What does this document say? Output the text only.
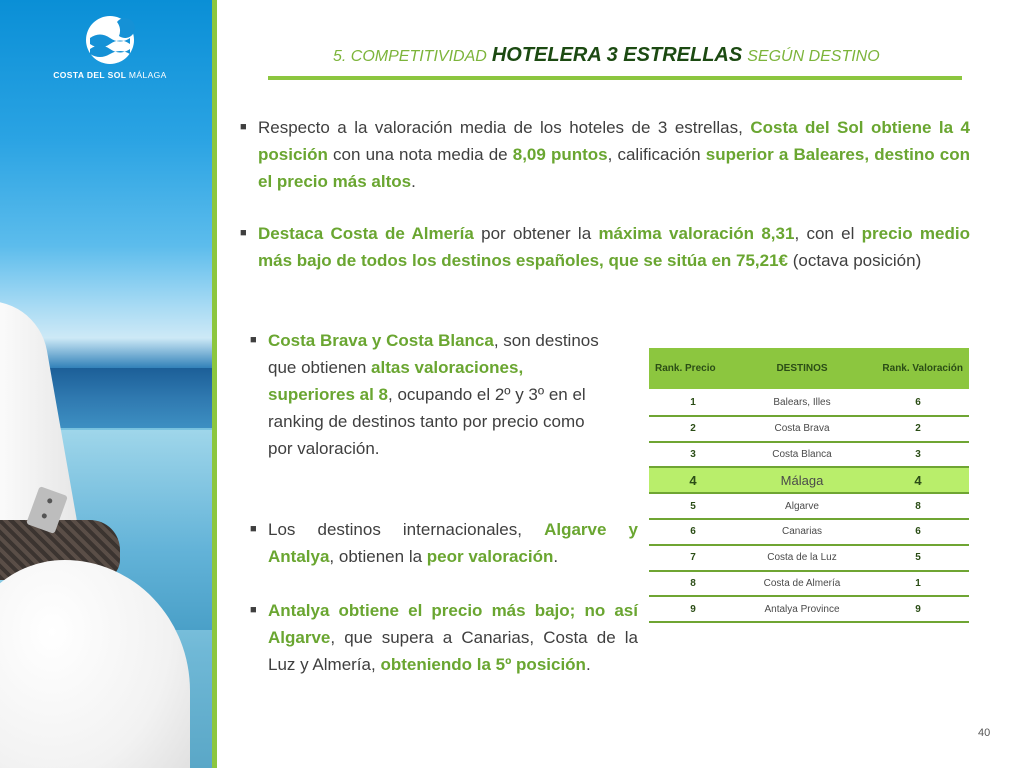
COSTA DEL SOL MÁLAGA
5. COMPETITIVIDAD HOTELERA 3 ESTRELLAS SEGÚN DESTINO
■ Respecto a la valoración media de los hoteles de 3 estrellas, Costa del Sol obtiene la 4 posición con una nota media de 8,09 puntos, calificación superior a Baleares, destino con el precio más altos.
■ Destaca Costa de Almería por obtener la máxima valoración 8,31, con el precio medio más bajo de todos los destinos españoles, que se sitúa en 75,21€ (octava posición)
■ Costa Brava y Costa Blanca, son destinos que obtienen altas valoraciones, superiores al 8, ocupando el 2º y 3º en el ranking de destinos tanto por precio como por valoración.
■ Los destinos internacionales, Algarve y Antalya, obtienen la peor valoración.
■ Antalya obtiene el precio más bajo; no así Algarve, que supera a Canarias, Costa de la Luz y Almería, obteniendo la 5º posición.
Rank. Precio	DESTINOS	Rank. Valoración
1	Balears, Illes	6
2	Costa Brava	2
3	Costa Blanca	3
4	Málaga	4
5	Algarve	8
6	Canarias	6
7	Costa de la Luz	5
8	Costa de Almería	1
9	Antalya Province	9
40
